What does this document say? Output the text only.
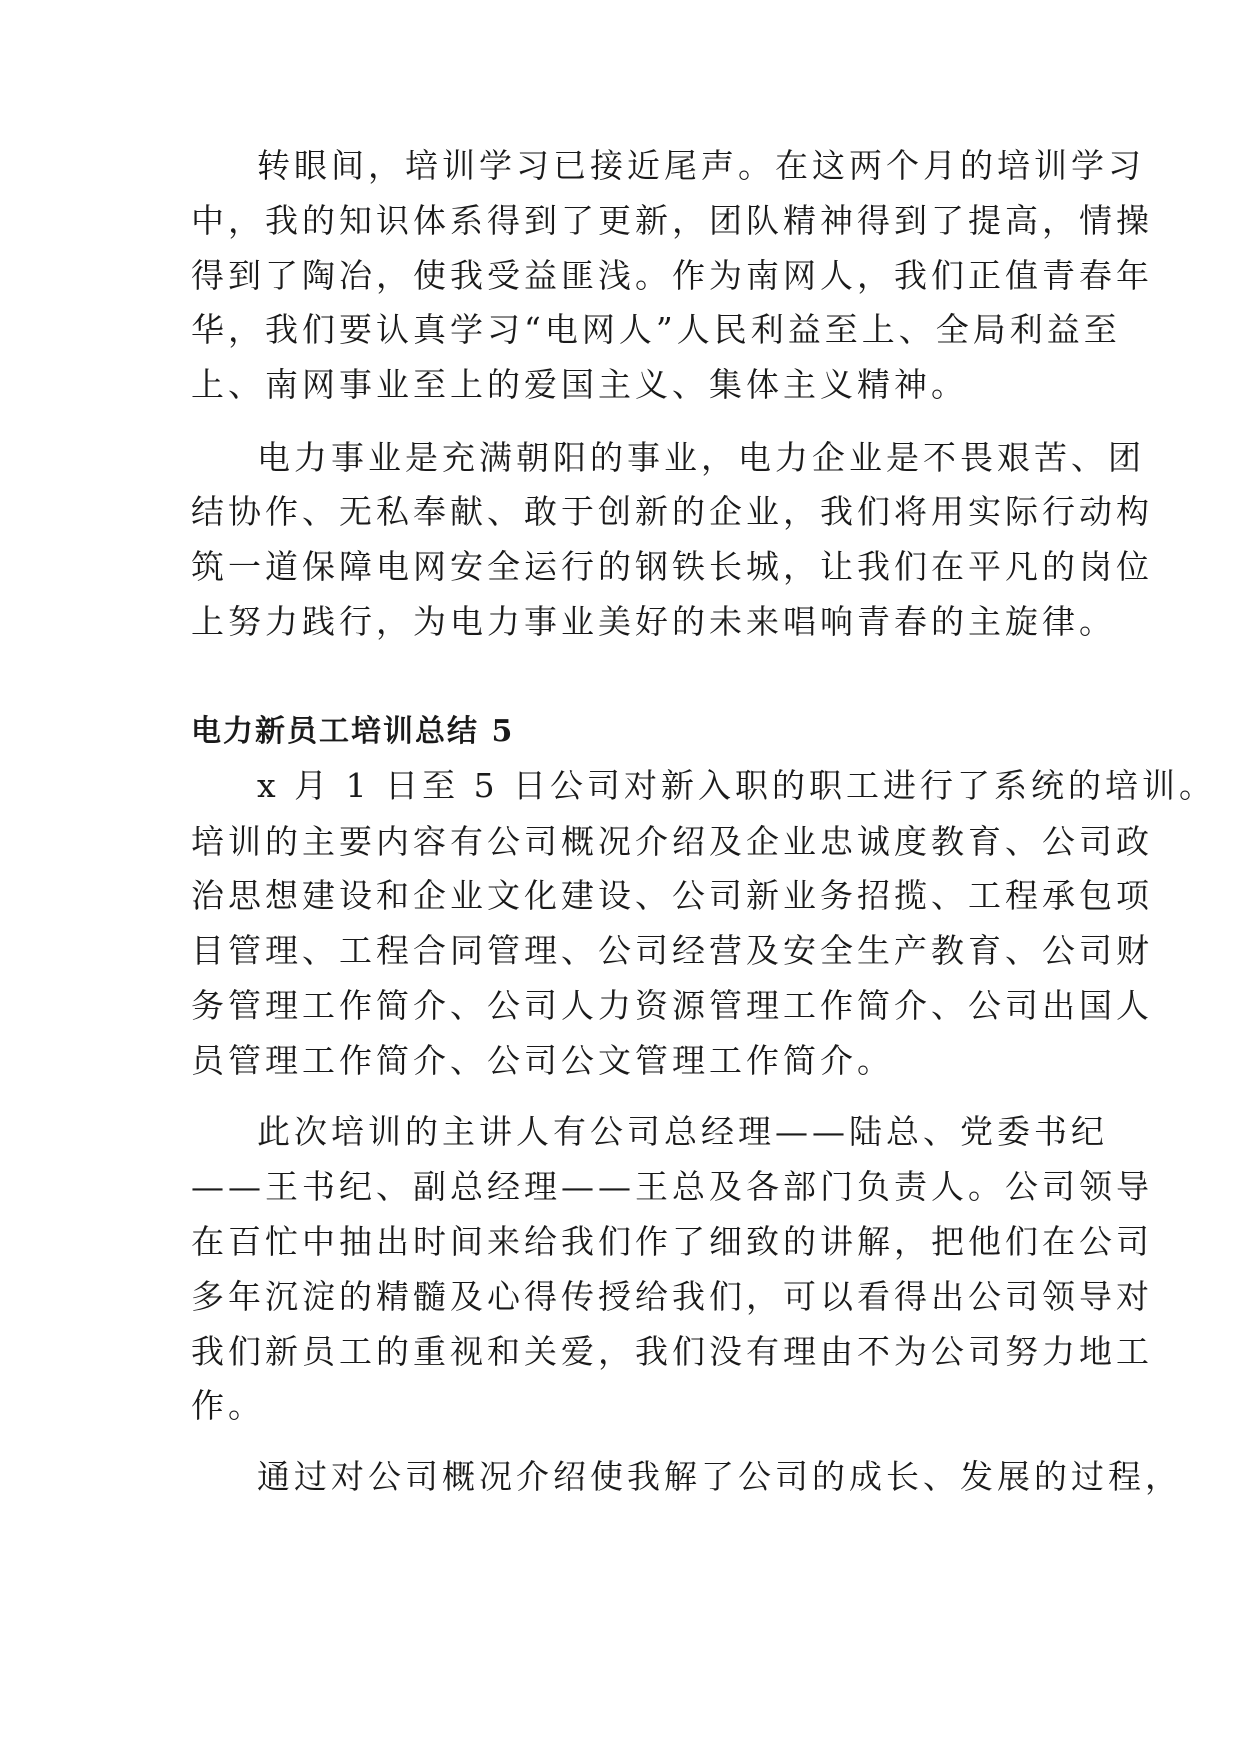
转眼间，培训学习已接近尾声。在这两个月的培训学习

中，我的知识体系得到了更新，团队精神得到了提高，情操

得到了陶冶，使我受益匪浅。作为南网人，我们正值青春年

华，我们要认真学习“电网人”人民利益至上、全局利益至

上、南网事业至上的爱国主义、集体主义精神。

电力事业是充满朝阳的事业，电力企业是不畏艰苦、团

结协作、无私奉献、敢于创新的企业，我们将用实际行动构

筑一道保障电网安全运行的钢铁长城，让我们在平凡的岗位

上努力践行，为电力事业美好的未来唱响青春的主旋律。

电力新员工培训总结 5

x 月 1 日至 5 日公司对新入职的职工进行了系统的培训。

培训的主要内容有公司概况介绍及企业忠诚度教育、公司政

治思想建设和企业文化建设、公司新业务招揽、工程承包项

目管理、工程合同管理、公司经营及安全生产教育、公司财

务管理工作简介、公司人力资源管理工作简介、公司出国人

员管理工作简介、公司公文管理工作简介。

此次培训的主讲人有公司总经理——陆总、党委书纪

——王书纪、副总经理——王总及各部门负责人。公司领导

在百忙中抽出时间来给我们作了细致的讲解，把他们在公司

多年沉淀的精髓及心得传授给我们，可以看得出公司领导对

我们新员工的重视和关爱，我们没有理由不为公司努力地工

作。

通过对公司概况介绍使我解了公司的成长、发展的过程，
